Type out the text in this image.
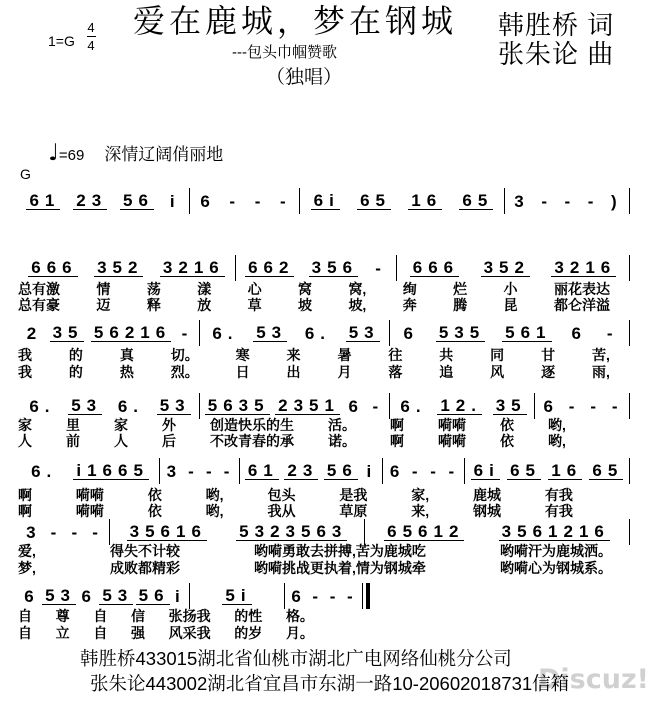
1=G
4
4
爱在鹿城，梦在钢城
---包头巾帼赞歌
（独唱）
韩胜桥 词
张朱论 曲
♩ =69 深情辽阔俏丽地
G
61 23 56 i 6 - - - 6i 65 16 65 3 - - - )
666 352 3216 662 356 - 666 352 3216
总有激	情	荡	漾	心	窝	窝,	绚	烂	小	丽花表达
总有豪	迈	释	放	草	坡	坡,	奔	腾	昆	都仑洋溢
2 35 56216 - 6. 53 6. 53 6 535 561 6 -
我	的	真	切。	寒	来	暑	往	共	同	甘	苦,
我	的	热	烈。	日	出	月	落	追	风	逐	雨,
6. 53 6. 53 5635 2351 6 - 6. 12. 35 6 - - -
家 里 家 外 创造快乐的生 活。 啊 嗬嗬 依 哟,
人 前 人 后 不改青春的承 诺。 啊 嗬嗬 依 哟,
6. i1665 3 - - - 61 23 56 i 6 - - - 6i 65 16 65
啊	嗬嗬	依	哟,	包头	是我	家,	鹿城	有我
啊	嗬嗬	依	哟,	我从	草原	来,	钢城	有我
3 - - - 35616 5323563 65612 3561216
爱,	得失不计较	哟嗬勇敢去拼搏,苦为鹿城吃	哟嗬汗为鹿城洒。
梦,	成败都精彩	哟嗬挑战更执着,情为钢城牵	哟嗬心为钢城系。
6 53 6 53 56 i 5i 6 - - -
自 尊 自 信 张扬我 的性 格。
自 立 自 强 风采我 的岁 月。
Discuz!
韩胜桥433015湖北省仙桃市湖北广电网络仙桃分公司
张朱论443002湖北省宜昌市东湖一路10-20602018731信箱
